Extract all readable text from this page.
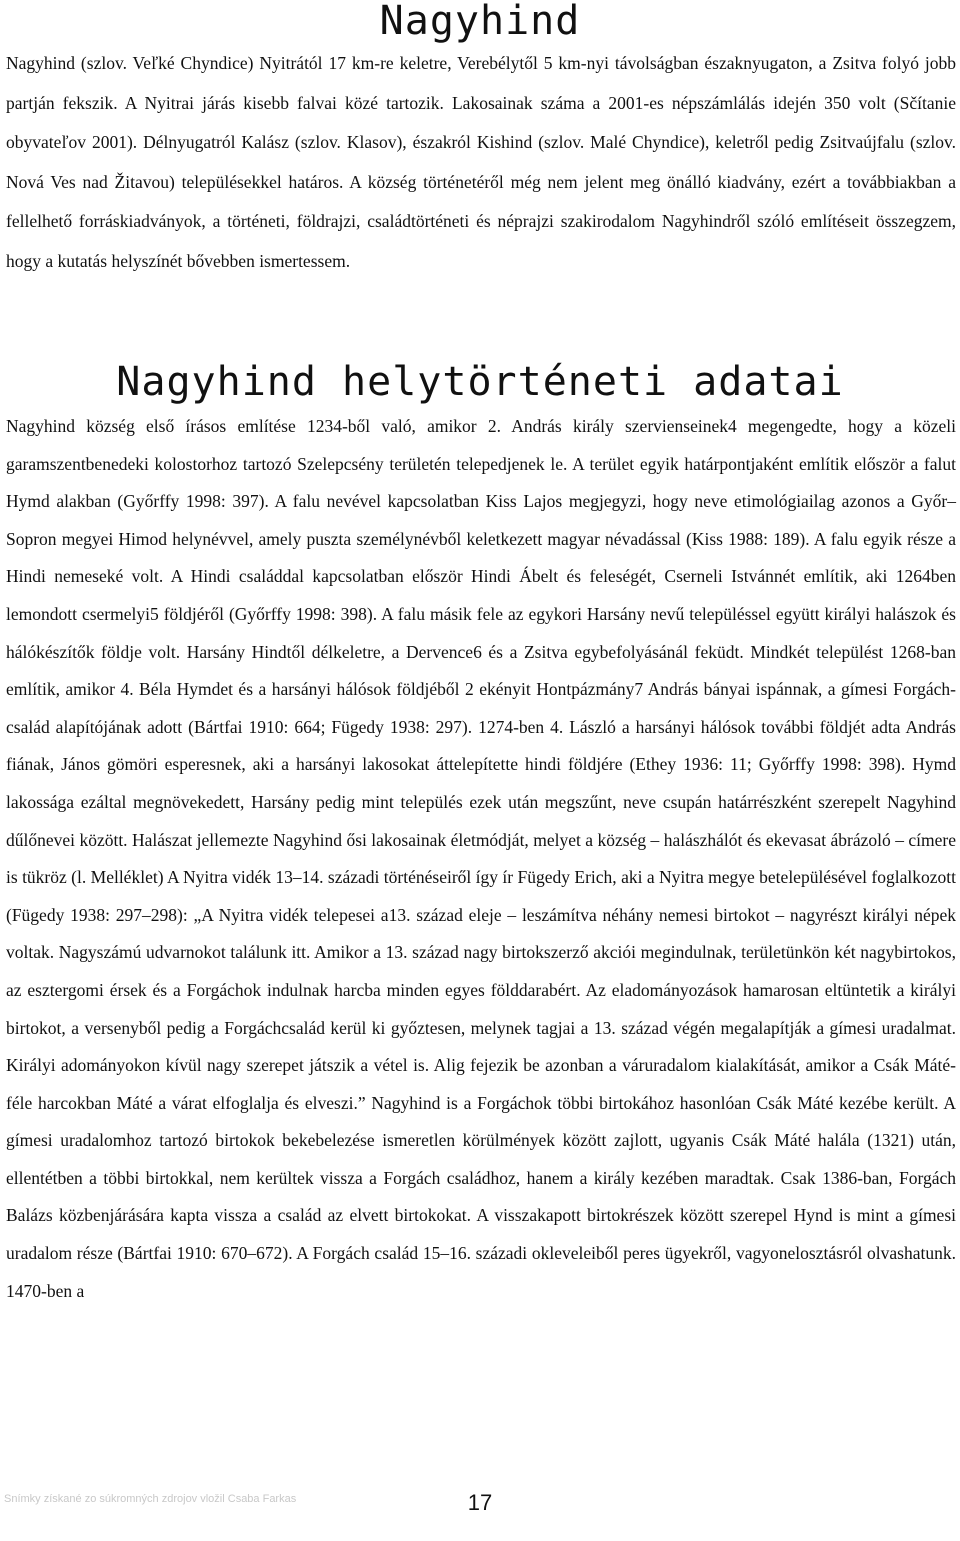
Nagyhind

Nagyhind (szlov. Veľké Chyndice) Nyitrától 17 km-re keletre, Verebélytől 5 km-nyi távolságban északnyugaton, a Zsitva folyó jobb partján fekszik. A Nyitrai járás kisebb falvai közé tartozik. Lakosainak száma a 2001-es népszámlálás idején 350 volt (Sčítanie obyvateľov 2001). Délnyugatról Kalász (szlov. Klasov), északról Kishind (szlov. Malé Chyndice), keletről pedig Zsitvaújfalu (szlov. Nová Ves nad Žitavou) településekkel határos. A község történetéről még nem jelent meg önálló kiadvány, ezért a továbbiakban a fellelhető forráskiadványok, a történeti, földrajzi, családtörténeti és néprajzi szakirodalom Nagyhindről szóló említéseit összegzem, hogy a kutatás helyszínét bővebben ismertessem.

Nagyhind helytörténeti adatai

Nagyhind község első írásos említése 1234-ből való, amikor 2. András király szervienseinek4 megengedte, hogy a közeli garamszentbenedeki kolostorhoz tartozó Szelepcsény területén telepedjenek le. A terület egyik határpontjaként említik először a falut Hymd alakban (Győrffy 1998: 397). A falu nevével kapcsolatban Kiss Lajos megjegyzi, hogy neve etimológiailag azonos a Győr–Sopron megyei Himod helynévvel, amely puszta személynévből keletkezett magyar névadással (Kiss 1988: 189). A falu egyik része a Hindi nemeseké volt. A Hindi családdal kapcsolatban először Hindi Ábelt és feleségét, Cserneli Istvánnét említik, aki 1264ben lemondott csermelyi5 földjéről (Győrffy 1998: 398). A falu másik fele az egykori Harsány nevű településsel együtt királyi halászok és hálókészítők földje volt. Harsány Hindtől délkeletre, a Dervence6 és a Zsitva egybefolyásánál feküdt. Mindkét települést 1268-ban említik, amikor 4. Béla Hymdet és a harsányi hálósok földjéből 2 ekényit Hontpázmány7 András bányai ispánnak, a gímesi Forgách-család alapítójának adott (Bártfai 1910: 664; Fügedy 1938: 297). 1274-ben 4. László a harsányi hálósok további földjét adta András fiának, János gömöri esperesnek, aki a harsányi lakosokat áttelepítette hindi földjére (Ethey 1936: 11; Győrffy 1998: 398). Hymd lakossága ezáltal megnövekedett, Harsány pedig mint település ezek után megszűnt, neve csupán határrészként szerepelt Nagyhind dűlőnevei között. Halászat jellemezte Nagyhind ősi lakosainak életmódját, melyet a község – halászhálót és ekevasat ábrázoló – címere is tükröz (l. Melléklet) A Nyitra vidék 13–14. századi történéseiről így ír Fügedy Erich, aki a Nyitra megye betelepülésével foglalkozott (Fügedy 1938: 297–298): „A Nyitra vidék telepesei a13. század eleje – leszámítva néhány nemesi birtokot – nagyrészt királyi népek voltak. Nagyszámú udvarnokot találunk itt. Amikor a 13. század nagy birtokszerző akciói megindulnak, területünkön két nagybirtokos, az esztergomi érsek és a Forgáchok indulnak harcba minden egyes földdarabért. Az eladományozások hamarosan eltüntetik a királyi birtokot, a versenyből pedig a Forgáchcsalád kerül ki győztesen, melynek tagjai a 13. század végén megalapítják a gímesi uradalmat. Királyi adományokon kívül nagy szerepet játszik a vétel is. Alig fejezik be azonban a váruradalom kialakítását, amikor a Csák Máté-féle harcokban Máté a várat elfoglalja és elveszi.” Nagyhind is a Forgáchok többi birtokához hasonlóan Csák Máté kezébe került. A gímesi uradalomhoz tartozó birtokok bekebelezése ismeretlen körülmények között zajlott, ugyanis Csák Máté halála (1321) után, ellentétben a többi birtokkal, nem kerültek vissza a Forgách családhoz, hanem a király kezében maradtak. Csak 1386-ban, Forgách Balázs közbenjárására kapta vissza a család az elvett birtokokat. A visszakapott birtokrészek között szerepel Hynd is mint a gímesi uradalom része (Bártfai 1910: 670–672). A Forgách család 15–16. századi okleveleiből peres ügyekről, vagyonelosztásról olvashatunk. 1470-ben a

Snímky získané zo súkromných zdrojov vložil Csaba Farkas	17
